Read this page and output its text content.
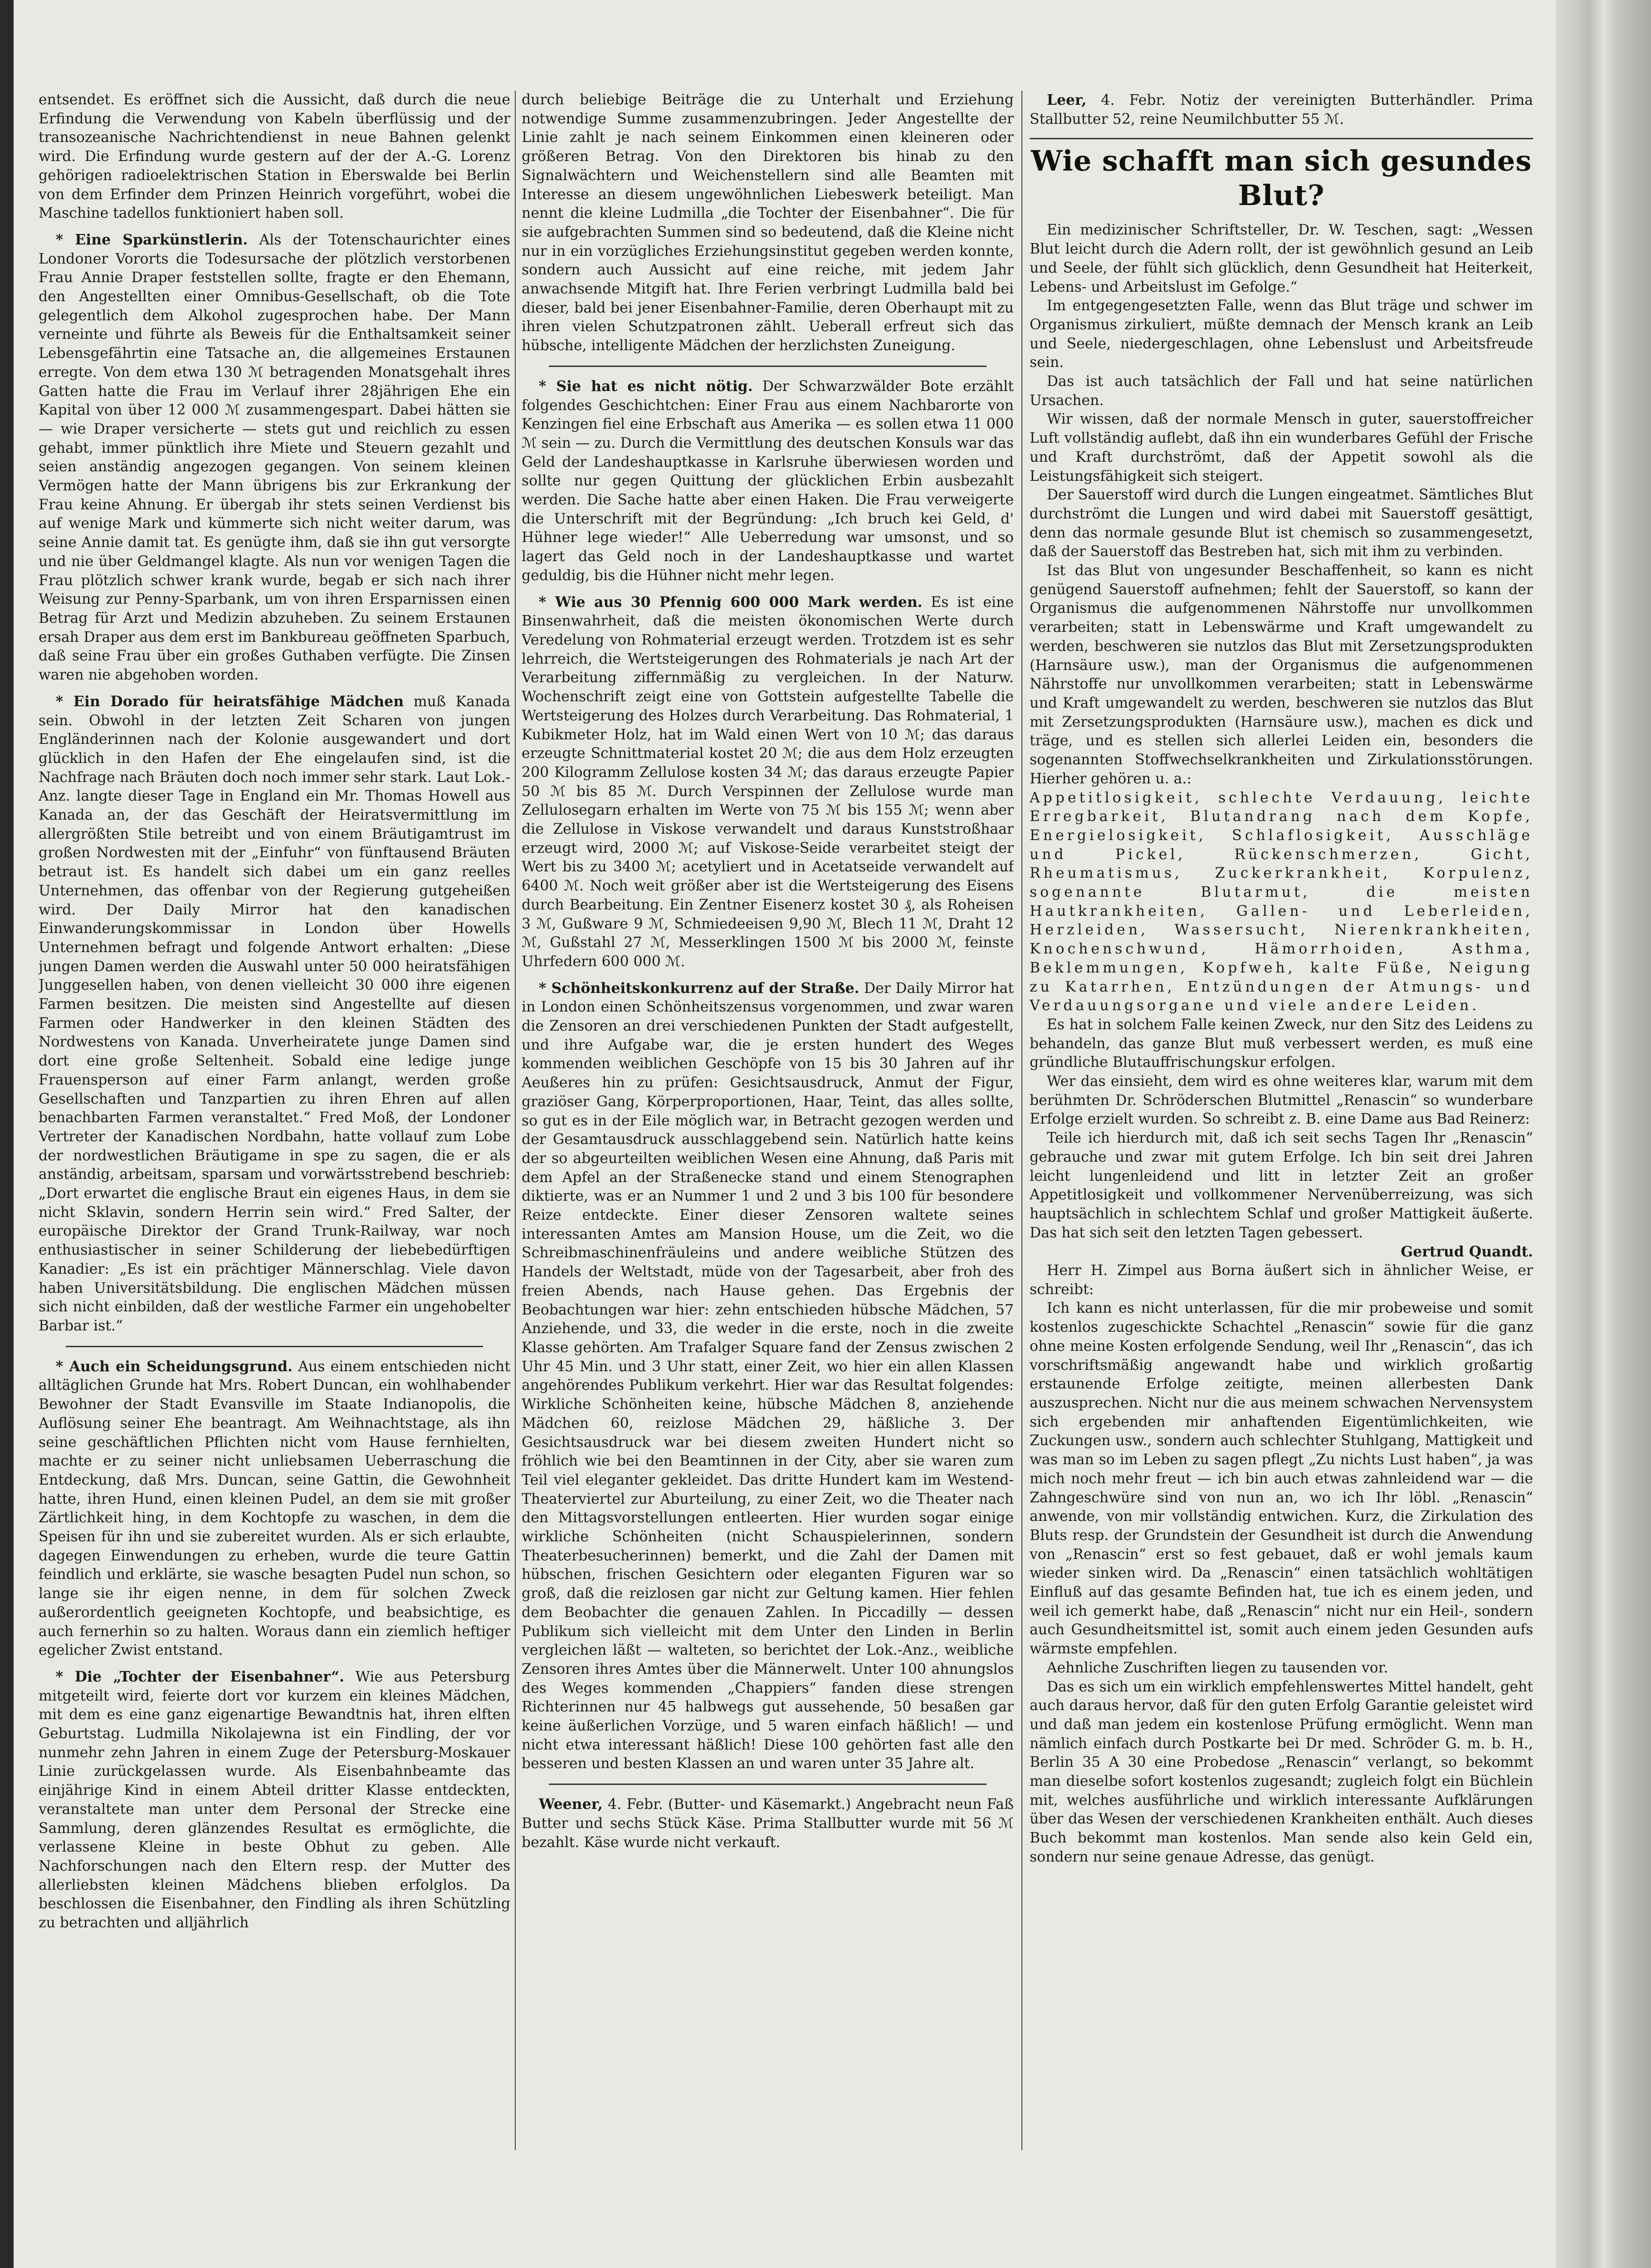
entsendet. Es eröffnet sich die Aussicht, daß durch die neue Erfindung die Verwendung von Kabeln überflüssig und der transozeanische Nachrichtendienst in neue Bahnen gelenkt wird. Die Erfindung wurde gestern auf der der A.-G. Lorenz gehörigen radioelektrischen Station in Eberswalde bei Berlin von dem Erfinder dem Prinzen Heinrich vorgeführt, wobei die Maschine tadellos funktioniert haben soll.

* Eine Sparkünstlerin. Als der Totenschaurichter eines Londoner Vororts die Todesursache der plötzlich verstorbenen Frau Annie Draper feststellen sollte, fragte er den Ehemann, den Angestellten einer Omnibus-Gesellschaft, ob die Tote gelegentlich dem Alkohol zugesprochen habe. Der Mann verneinte und führte als Beweis für die Enthaltsamkeit seiner Lebensgefährtin eine Tatsache an, die allgemeines Erstaunen erregte. Von dem etwa 130 ℳ betragenden Monatsgehalt ihres Gatten hatte die Frau im Verlauf ihrer 28jährigen Ehe ein Kapital von über 12 000 ℳ zusammengespart. Dabei hätten sie — wie Draper versicherte — stets gut und reichlich zu essen gehabt, immer pünktlich ihre Miete und Steuern gezahlt und seien anständig angezogen gegangen. Von seinem kleinen Vermögen hatte der Mann übrigens bis zur Erkrankung der Frau keine Ahnung. Er übergab ihr stets seinen Verdienst bis auf wenige Mark und kümmerte sich nicht weiter darum, was seine Annie damit tat. Es genügte ihm, daß sie ihn gut versorgte und nie über Geldmangel klagte. Als nun vor wenigen Tagen die Frau plötzlich schwer krank wurde, begab er sich nach ihrer Weisung zur Penny-Sparbank, um von ihren Ersparnissen einen Betrag für Arzt und Medizin abzuheben. Zu seinem Erstaunen ersah Draper aus dem erst im Bankbureau geöffneten Sparbuch, daß seine Frau über ein großes Guthaben verfügte. Die Zinsen waren nie abgehoben worden.

* Ein Dorado für heiratsfähige Mädchen muß Kanada sein. Obwohl in der letzten Zeit Scharen von jungen Engländerinnen nach der Kolonie ausgewandert und dort glücklich in den Hafen der Ehe eingelaufen sind, ist die Nachfrage nach Bräuten doch noch immer sehr stark. Laut Lok.-Anz. langte dieser Tage in England ein Mr. Thomas Howell aus Kanada an, der das Geschäft der Heiratsvermittlung im allergrößten Stile betreibt und von einem Bräutigamtrust im großen Nordwesten mit der „Einfuhr“ von fünftausend Bräuten betraut ist. Es handelt sich dabei um ein ganz reelles Unternehmen, das offenbar von der Regierung gutgeheißen wird. Der Daily Mirror hat den kanadischen Einwanderungskommissar in London über Howells Unternehmen befragt und folgende Antwort erhalten: „Diese jungen Damen werden die Auswahl unter 50 000 heiratsfähigen Junggesellen haben, von denen vielleicht 30 000 ihre eigenen Farmen besitzen. Die meisten sind Angestellte auf diesen Farmen oder Handwerker in den kleinen Städten des Nordwestens von Kanada. Unverheiratete junge Damen sind dort eine große Seltenheit. Sobald eine ledige junge Frauensperson auf einer Farm anlangt, werden große Gesellschaften und Tanzpartien zu ihren Ehren auf allen benachbarten Farmen veranstaltet.“ Fred Moß, der Londoner Vertreter der Kanadischen Nordbahn, hatte vollauf zum Lobe der nordwestlichen Bräutigame in spe zu sagen, die er als anständig, arbeitsam, sparsam und vorwärtsstrebend beschrieb: „Dort erwartet die englische Braut ein eigenes Haus, in dem sie nicht Sklavin, sondern Herrin sein wird.“ Fred Salter, der europäische Direktor der Grand Trunk-Railway, war noch enthusiastischer in seiner Schilderung der liebebedürftigen Kanadier: „Es ist ein prächtiger Männerschlag. Viele davon haben Universitätsbildung. Die englischen Mädchen müssen sich nicht einbilden, daß der westliche Farmer ein ungehobelter Barbar ist.“

* Auch ein Scheidungsgrund. Aus einem entschieden nicht alltäglichen Grunde hat Mrs. Robert Duncan, ein wohlhabender Bewohner der Stadt Evansville im Staate Indianopolis, die Auflösung seiner Ehe beantragt. Am Weihnachtstage, als ihn seine geschäftlichen Pflichten nicht vom Hause fernhielten, machte er zu seiner nicht unliebsamen Ueberraschung die Entdeckung, daß Mrs. Duncan, seine Gattin, die Gewohnheit hatte, ihren Hund, einen kleinen Pudel, an dem sie mit großer Zärtlichkeit hing, in dem Kochtopfe zu waschen, in dem die Speisen für ihn und sie zubereitet wurden. Als er sich erlaubte, dagegen Einwendungen zu erheben, wurde die teure Gattin feindlich und erklärte, sie wasche besagten Pudel nun schon, so lange sie ihr eigen nenne, in dem für solchen Zweck außerordentlich geeigneten Kochtopfe, und beabsichtige, es auch fernerhin so zu halten. Woraus dann ein ziemlich heftiger egelicher Zwist entstand.

* Die „Tochter der Eisenbahner“. Wie aus Petersburg mitgeteilt wird, feierte dort vor kurzem ein kleines Mädchen, mit dem es eine ganz eigenartige Bewandtnis hat, ihren elften Geburtstag. Ludmilla Nikolajewna ist ein Findling, der vor nunmehr zehn Jahren in einem Zuge der Petersburg-Moskauer Linie zurückgelassen wurde. Als Eisenbahnbeamte das einjährige Kind in einem Abteil dritter Klasse entdeckten, veranstaltete man unter dem Personal der Strecke eine Sammlung, deren glänzendes Resultat es ermöglichte, die verlassene Kleine in beste Obhut zu geben. Alle Nachforschungen nach den Eltern resp. der Mutter des allerliebsten kleinen Mädchens blieben erfolglos. Da beschlossen die Eisenbahner, den Findling als ihren Schützling zu betrachten und alljährlich

durch beliebige Beiträge die zu Unterhalt und Erziehung notwendige Summe zusammenzubringen. Jeder Angestellte der Linie zahlt je nach seinem Einkommen einen kleineren oder größeren Betrag. Von den Direktoren bis hinab zu den Signalwächtern und Weichenstellern sind alle Beamten mit Interesse an diesem ungewöhnlichen Liebeswerk beteiligt. Man nennt die kleine Ludmilla „die Tochter der Eisenbahner“. Die für sie aufgebrachten Summen sind so bedeutend, daß die Kleine nicht nur in ein vorzügliches Erziehungsinstitut gegeben werden konnte, sondern auch Aussicht auf eine reiche, mit jedem Jahr anwachsende Mitgift hat. Ihre Ferien verbringt Ludmilla bald bei dieser, bald bei jener Eisenbahner-Familie, deren Oberhaupt mit zu ihren vielen Schutzpatronen zählt. Ueberall erfreut sich das hübsche, intelligente Mädchen der herzlichsten Zuneigung.

* Sie hat es nicht nötig. Der Schwarzwälder Bote erzählt folgendes Geschichtchen: Einer Frau aus einem Nachbarorte von Kenzingen fiel eine Erbschaft aus Amerika — es sollen etwa 11 000 ℳ sein — zu. Durch die Vermittlung des deutschen Konsuls war das Geld der Landeshauptkasse in Karlsruhe überwiesen worden und sollte nur gegen Quittung der glücklichen Erbin ausbezahlt werden. Die Sache hatte aber einen Haken. Die Frau verweigerte die Unterschrift mit der Begründung: „Ich bruch kei Geld, d' Hühner lege wieder!“ Alle Ueberredung war umsonst, und so lagert das Geld noch in der Landeshauptkasse und wartet geduldig, bis die Hühner nicht mehr legen.

* Wie aus 30 Pfennig 600 000 Mark werden. Es ist eine Binsenwahrheit, daß die meisten ökonomischen Werte durch Veredelung von Rohmaterial erzeugt werden. Trotzdem ist es sehr lehrreich, die Wertsteigerungen des Rohmaterials je nach Art der Verarbeitung ziffernmäßig zu vergleichen. In der Naturw. Wochenschrift zeigt eine von Gottstein aufgestellte Tabelle die Wertsteigerung des Holzes durch Verarbeitung. Das Rohmaterial, 1 Kubikmeter Holz, hat im Wald einen Wert von 10 ℳ; das daraus erzeugte Schnittmaterial kostet 20 ℳ; die aus dem Holz erzeugten 200 Kilogramm Zellulose kosten 34 ℳ; das daraus erzeugte Papier 50 ℳ bis 85 ℳ. Durch Verspinnen der Zellulose wurde man Zellulosegarn erhalten im Werte von 75 ℳ bis 155 ℳ; wenn aber die Zellulose in Viskose verwandelt und daraus Kunststroßhaar erzeugt wird, 2000 ℳ; auf Viskose-Seide verarbeitet steigt der Wert bis zu 3400 ℳ; acetyliert und in Acetatseide verwandelt auf 6400 ℳ. Noch weit größer aber ist die Wertsteigerung des Eisens durch Bearbeitung. Ein Zentner Eisenerz kostet 30 ₰, als Roheisen 3 ℳ, Gußware 9 ℳ, Schmiedeeisen 9,90 ℳ, Blech 11 ℳ, Draht 12 ℳ, Gußstahl 27 ℳ, Messerklingen 1500 ℳ bis 2000 ℳ, feinste Uhrfedern 600 000 ℳ.

* Schönheitskonkurrenz auf der Straße. Der Daily Mirror hat in London einen Schönheitszensus vorgenommen, und zwar waren die Zensoren an drei verschiedenen Punkten der Stadt aufgestellt, und ihre Aufgabe war, die je ersten hundert des Weges kommenden weiblichen Geschöpfe von 15 bis 30 Jahren auf ihr Aeußeres hin zu prüfen: Gesichtsausdruck, Anmut der Figur, graziöser Gang, Körperproportionen, Haar, Teint, das alles sollte, so gut es in der Eile möglich war, in Betracht gezogen werden und der Gesamtausdruck ausschlaggebend sein. Natürlich hatte keins der so abgeurteilten weiblichen Wesen eine Ahnung, daß Paris mit dem Apfel an der Straßenecke stand und einem Stenographen diktierte, was er an Nummer 1 und 2 und 3 bis 100 für besondere Reize entdeckte. Einer dieser Zensoren waltete seines interessanten Amtes am Mansion House, um die Zeit, wo die Schreibmaschinenfräuleins und andere weibliche Stützen des Handels der Weltstadt, müde von der Tagesarbeit, aber froh des freien Abends, nach Hause gehen. Das Ergebnis der Beobachtungen war hier: zehn entschieden hübsche Mädchen, 57 Anziehende, und 33, die weder in die erste, noch in die zweite Klasse gehörten. Am Trafalger Square fand der Zensus zwischen 2 Uhr 45 Min. und 3 Uhr statt, einer Zeit, wo hier ein allen Klassen angehörendes Publikum verkehrt. Hier war das Resultat folgendes: Wirkliche Schönheiten keine, hübsche Mädchen 8, anziehende Mädchen 60, reizlose Mädchen 29, häßliche 3. Der Gesichtsausdruck war bei diesem zweiten Hundert nicht so fröhlich wie bei den Beamtinnen in der City, aber sie waren zum Teil viel eleganter gekleidet. Das dritte Hundert kam im Westend-Theaterviertel zur Aburteilung, zu einer Zeit, wo die Theater nach den Mittagsvorstellungen entleerten. Hier wurden sogar einige wirkliche Schönheiten (nicht Schauspielerinnen, sondern Theaterbesucherinnen) bemerkt, und die Zahl der Damen mit hübschen, frischen Gesichtern oder eleganten Figuren war so groß, daß die reizlosen gar nicht zur Geltung kamen. Hier fehlen dem Beobachter die genauen Zahlen. In Piccadilly — dessen Publikum sich vielleicht mit dem Unter den Linden in Berlin vergleichen läßt — walteten, so berichtet der Lok.-Anz., weibliche Zensoren ihres Amtes über die Männerwelt. Unter 100 ahnungslos des Weges kommenden „Chappiers“ fanden diese strengen Richterinnen nur 45 halbwegs gut aussehende, 50 besaßen gar keine äußerlichen Vorzüge, und 5 waren einfach häßlich! — und nicht etwa interessant häßlich! Diese 100 gehörten fast alle den besseren und besten Klassen an und waren unter 35 Jahre alt.

Weener, 4. Febr. (Butter- und Käsemarkt.) Angebracht neun Faß Butter und sechs Stück Käse. Prima Stallbutter wurde mit 56 ℳ bezahlt. Käse wurde nicht verkauft.

Leer, 4. Febr. Notiz der vereinigten Butterhändler. Prima Stallbutter 52, reine Neumilchbutter 55 ℳ.

Wie schafft man sich gesundes Blut?

Ein medizinischer Schriftsteller, Dr. W. Teschen, sagt: „Wessen Blut leicht durch die Adern rollt, der ist gewöhnlich gesund an Leib und Seele, der fühlt sich glücklich, denn Gesundheit hat Heiterkeit, Lebens- und Arbeitslust im Gefolge.“

Im entgegengesetzten Falle, wenn das Blut träge und schwer im Organismus zirkuliert, müßte demnach der Mensch krank an Leib und Seele, niedergeschlagen, ohne Lebenslust und Arbeitsfreude sein.

Das ist auch tatsächlich der Fall und hat seine natürlichen Ursachen.

Wir wissen, daß der normale Mensch in guter, sauerstoffreicher Luft vollständig auflebt, daß ihn ein wunderbares Gefühl der Frische und Kraft durchströmt, daß der Appetit sowohl als die Leistungsfähigkeit sich steigert.

Der Sauerstoff wird durch die Lungen eingeatmet. Sämtliches Blut durchströmt die Lungen und wird dabei mit Sauerstoff gesättigt, denn das normale gesunde Blut ist chemisch so zusammengesetzt, daß der Sauerstoff das Bestreben hat, sich mit ihm zu verbinden.

Ist das Blut von ungesunder Beschaffenheit, so kann es nicht genügend Sauerstoff aufnehmen; fehlt der Sauerstoff, so kann der Organismus die aufgenommenen Nährstoffe nur unvollkommen verarbeiten; statt in Lebenswärme und Kraft umgewandelt zu werden, beschweren sie nutzlos das Blut mit Zersetzungsprodukten (Harnsäure usw.), man der Organismus die aufgenommenen Nährstoffe nur unvollkommen verarbeiten; statt in Lebenswärme und Kraft umgewandelt zu werden, beschweren sie nutzlos das Blut mit Zersetzungsprodukten (Harnsäure usw.), machen es dick und träge, und es stellen sich allerlei Leiden ein, besonders die sogenannten Stoffwechselkrankheiten und Zirkulationsstörungen. Hierher gehören u. a.:

Appetitlosigkeit, schlechte Verdauung, leichte Erregbarkeit, Blutandrang nach dem Kopfe, Energielosigkeit, Schlaflosigkeit, Ausschläge und Pickel, Rückenschmerzen, Gicht, Rheumatismus, Zuckerkrankheit, Korpulenz, sogenannte Blutarmut, die meisten Hautkrankheiten, Gallen- und Leberleiden, Herzleiden, Wassersucht, Nierenkrankheiten, Knochenschwund, Hämorrhoiden, Asthma, Beklemmungen, Kopfweh, kalte Füße, Neigung zu Katarrhen, Entzündungen der Atmungs- und Verdauungsorgane und viele andere Leiden.

Es hat in solchem Falle keinen Zweck, nur den Sitz des Leidens zu behandeln, das ganze Blut muß verbessert werden, es muß eine gründliche Blutauffrischungskur erfolgen.

Wer das einsieht, dem wird es ohne weiteres klar, warum mit dem berühmten Dr. Schröderschen Blutmittel „Renascin“ so wunderbare Erfolge erzielt wurden. So schreibt z. B. eine Dame aus Bad Reinerz:

Teile ich hierdurch mit, daß ich seit sechs Tagen Ihr „Renascin“ gebrauche und zwar mit gutem Erfolge. Ich bin seit drei Jahren leicht lungenleidend und litt in letzter Zeit an großer Appetitlosigkeit und vollkommener Nervenüberreizung, was sich hauptsächlich in schlechtem Schlaf und großer Mattigkeit äußerte. Das hat sich seit den letzten Tagen gebessert.

Gertrud Quandt.

Herr H. Zimpel aus Borna äußert sich in ähnlicher Weise, er schreibt:

Ich kann es nicht unterlassen, für die mir probeweise und somit kostenlos zugeschickte Schachtel „Renascin“ sowie für die ganz ohne meine Kosten erfolgende Sendung, weil Ihr „Renascin“, das ich vorschriftsmäßig angewandt habe und wirklich großartig erstaunende Erfolge zeitigte, meinen allerbesten Dank auszusprechen. Nicht nur die aus meinem schwachen Nervensystem sich ergebenden mir anhaftenden Eigentümlichkeiten, wie Zuckungen usw., sondern auch schlechter Stuhlgang, Mattigkeit und was man so im Leben zu sagen pflegt „Zu nichts Lust haben“, ja was mich noch mehr freut — ich bin auch etwas zahnleidend war — die Zahngeschwüre sind von nun an, wo ich Ihr löbl. „Renascin“ anwende, von mir vollständig entwichen. Kurz, die Zirkulation des Bluts resp. der Grundstein der Gesundheit ist durch die Anwendung von „Renascin“ erst so fest gebauet, daß er wohl jemals kaum wieder sinken wird. Da „Renascin“ einen tatsächlich wohltätigen Einfluß auf das gesamte Befinden hat, tue ich es einem jeden, und weil ich gemerkt habe, daß „Renascin“ nicht nur ein Heil-, sondern auch Gesundheitsmittel ist, somit auch einem jeden Gesunden aufs wärmste empfehlen.

Aehnliche Zuschriften liegen zu tausenden vor.

Das es sich um ein wirklich empfehlenswertes Mittel handelt, geht auch daraus hervor, daß für den guten Erfolg Garantie geleistet wird und daß man jedem ein kostenlose Prüfung ermöglicht. Wenn man nämlich einfach durch Postkarte bei Dr med. Schröder G. m. b. H., Berlin 35 A 30 eine Probedose „Renascin“ verlangt, so bekommt man dieselbe sofort kostenlos zugesandt; zugleich folgt ein Büchlein mit, welches ausführliche und wirklich interessante Aufklärungen über das Wesen der verschiedenen Krankheiten enthält. Auch dieses Buch bekommt man kostenlos. Man sende also kein Geld ein, sondern nur seine genaue Adresse, das genügt.
